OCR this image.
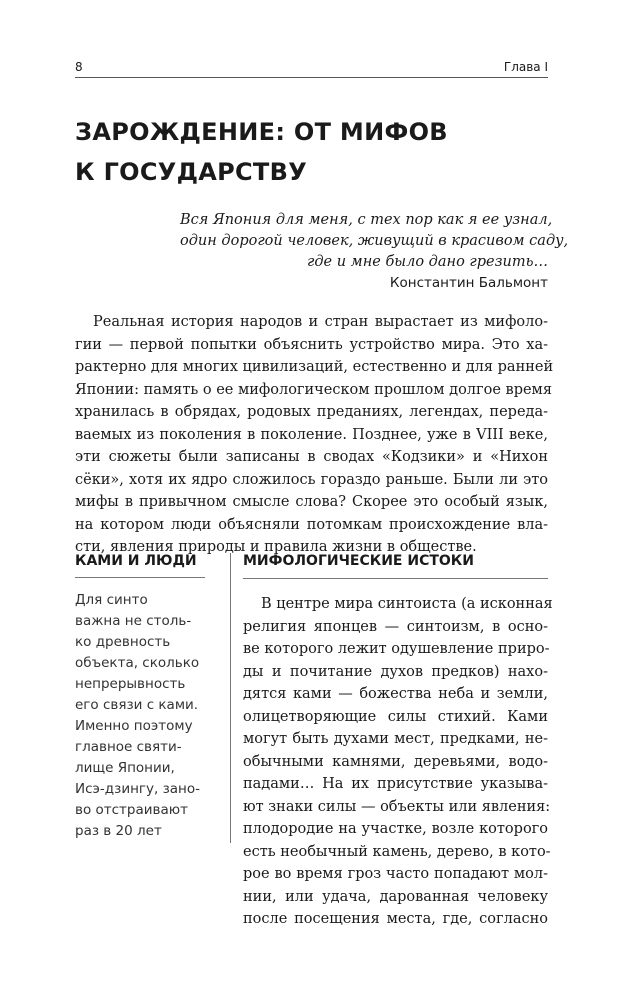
8	Глава I
ЗАРОЖДЕНИЕ: ОТ МИФОВ
К ГОСУДАРСТВУ
Вся Япония для меня, с тех пор как я ее узнал,
один дорогой человек, живущий в красивом саду,
где и мне было дано грезить…
Константин Бальмонт
Реальная история народов и стран вырастает из мифоло-
гии — первой попытки объяснить устройство мира. Это ха-
рактерно для многих цивилизаций, естественно и для ранней
Японии: память о ее мифологическом прошлом долгое время
хранилась в обрядах, родовых преданиях, легендах, передa-
ваемых из поколения в поколение. Позднее, уже в VIII веке,
эти сюжеты были записаны в сводах «Кодзики» и «Нихон
сёки», хотя их ядро сложилось гораздо раньше. Были ли это
мифы в привычном смысле слова? Скорее это особый язык,
на котором люди объясняли потомкам происхождение вла-
сти, явления природы и правила жизни в обществе.
КАМИ И ЛЮДИ
Для синто
важна не столь-
ко древность
объекта, сколько
непрерывность
его связи с ками.
Именно поэтому
главное святи-
лище Японии,
Исэ-дзингу, зано-
во отстраивают
раз в 20 лет
МИФОЛОГИЧЕСКИЕ ИСТОКИ
В центре мира синтоиста (а исконная
религия японцев — синтоизм, в осно-
ве которого лежит одушевление приро-
ды и почитание духов предков) нахо-
дятся ками — божества неба и земли,
олицетворяющие силы стихий. Ками
могут быть духами мест, предками, не-
обычными камнями, деревьями, водо-
падами… На их присутствие указыва-
ют знаки силы — объекты или явления:
плодородие на участке, возле которого
есть необычный камень, дерево, в кото-
рое во время гроз часто попадают мол-
нии, или удача, дарованная человеку
после посещения места, где, согласно
